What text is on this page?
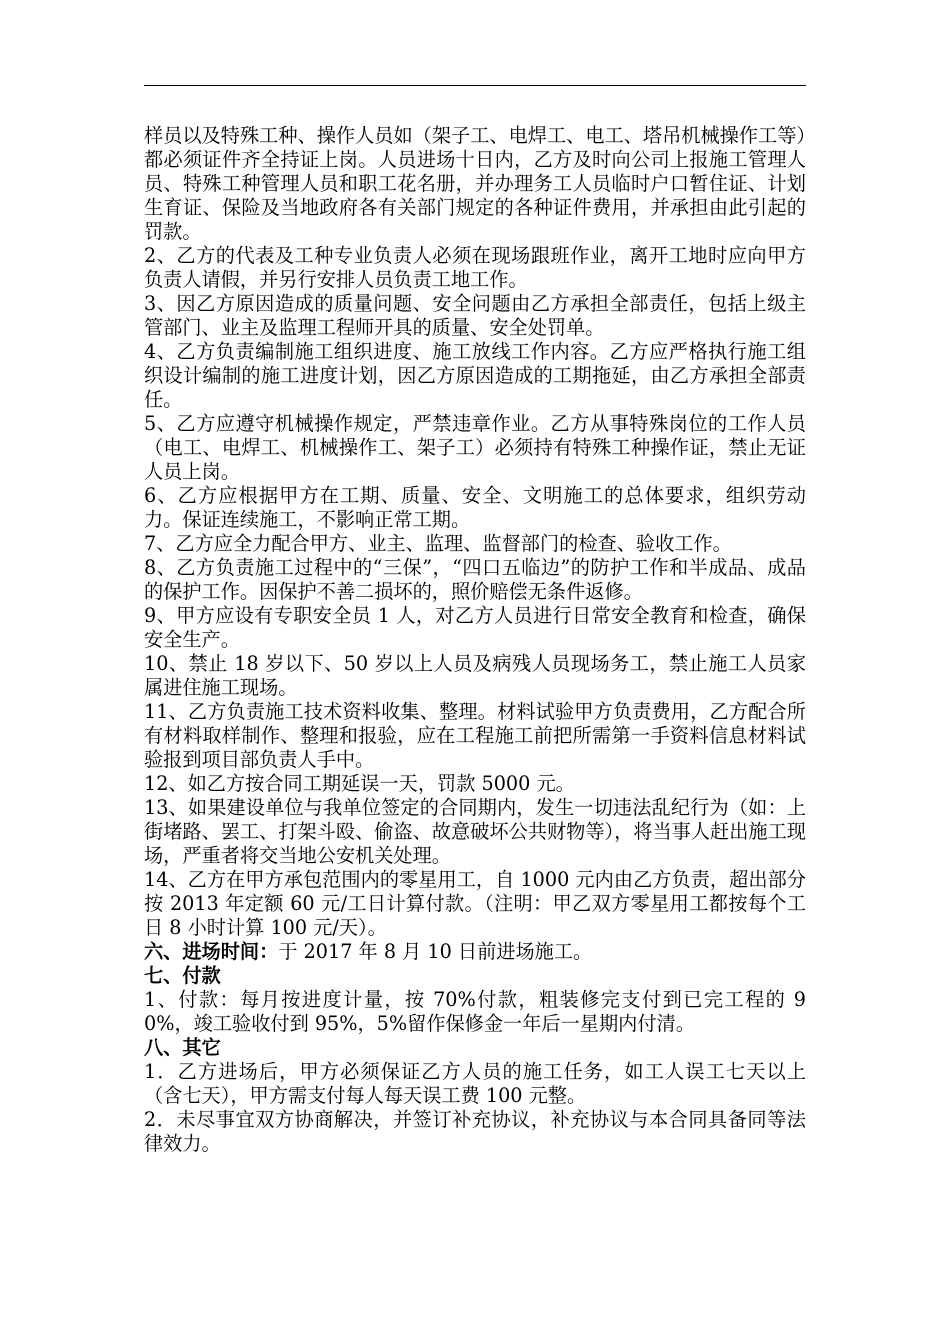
样员以及特殊工种、操作人员如（架子工、电焊工、电工、塔吊机械操作工等）都必须证件齐全持证上岗。人员进场十日内，乙方及时向公司上报施工管理人员、特殊工种管理人员和职工花名册，并办理务工人员临时户口暂住证、计划生育证、保险及当地政府各有关部门规定的各种证件费用，并承担由此引起的罚款。

2、乙方的代表及工种专业负责人必须在现场跟班作业，离开工地时应向甲方负责人请假，并另行安排人员负责工地工作。

3、因乙方原因造成的质量问题、安全问题由乙方承担全部责任，包括上级主管部门、业主及监理工程师开具的质量、安全处罚单。

4、乙方负责编制施工组织进度、施工放线工作内容。乙方应严格执行施工组织设计编制的施工进度计划，因乙方原因造成的工期拖延，由乙方承担全部责任。

5、乙方应遵守机械操作规定，严禁违章作业。乙方从事特殊岗位的工作人员（电工、电焊工、机械操作工、架子工）必须持有特殊工种操作证，禁止无证人员上岗。

6、乙方应根据甲方在工期、质量、安全、文明施工的总体要求，组织劳动力。保证连续施工，不影响正常工期。

7、乙方应全力配合甲方、业主、监理、监督部门的检查、验收工作。

8、乙方负责施工过程中的“三保”，“四口五临边”的防护工作和半成品、成品的保护工作。因保护不善二损坏的，照价赔偿无条件返修。

9、甲方应设有专职安全员 1 人，对乙方人员进行日常安全教育和检查，确保安全生产。

10、禁止 18 岁以下、50 岁以上人员及病残人员现场务工，禁止施工人员家属进住施工现场。

11、乙方负责施工技术资料收集、整理。材料试验甲方负责费用，乙方配合所有材料取样制作、整理和报验，应在工程施工前把所需第一手资料信息材料试验报到项目部负责人手中。

12、如乙方按合同工期延误一天，罚款 5000 元。

13、如果建设单位与我单位签定的合同期内，发生一切违法乱纪行为（如：上街堵路、罢工、打架斗殴、偷盗、故意破坏公共财物等），将当事人赶出施工现场，严重者将交当地公安机关处理。

14、乙方在甲方承包范围内的零星用工，自 1000 元内由乙方负责，超出部分按 2013 年定额 60 元/工日计算付款。（注明：甲乙双方零星用工都按每个工日 8 小时计算 100 元/天）。

六、进场时间：于 2017 年 8 月 10 日前进场施工。

七、付款

1、付款：每月按进度计量，按 70%付款，粗装修完支付到已完工程的 90%，竣工验收付到 95%，5%留作保修金一年后一星期内付清。

八、其它

1．乙方进场后，甲方必须保证乙方人员的施工任务，如工人误工七天以上（含七天），甲方需支付每人每天误工费 100 元整。

2．未尽事宜双方协商解决，并签订补充协议，补充协议与本合同具备同等法律效力。
